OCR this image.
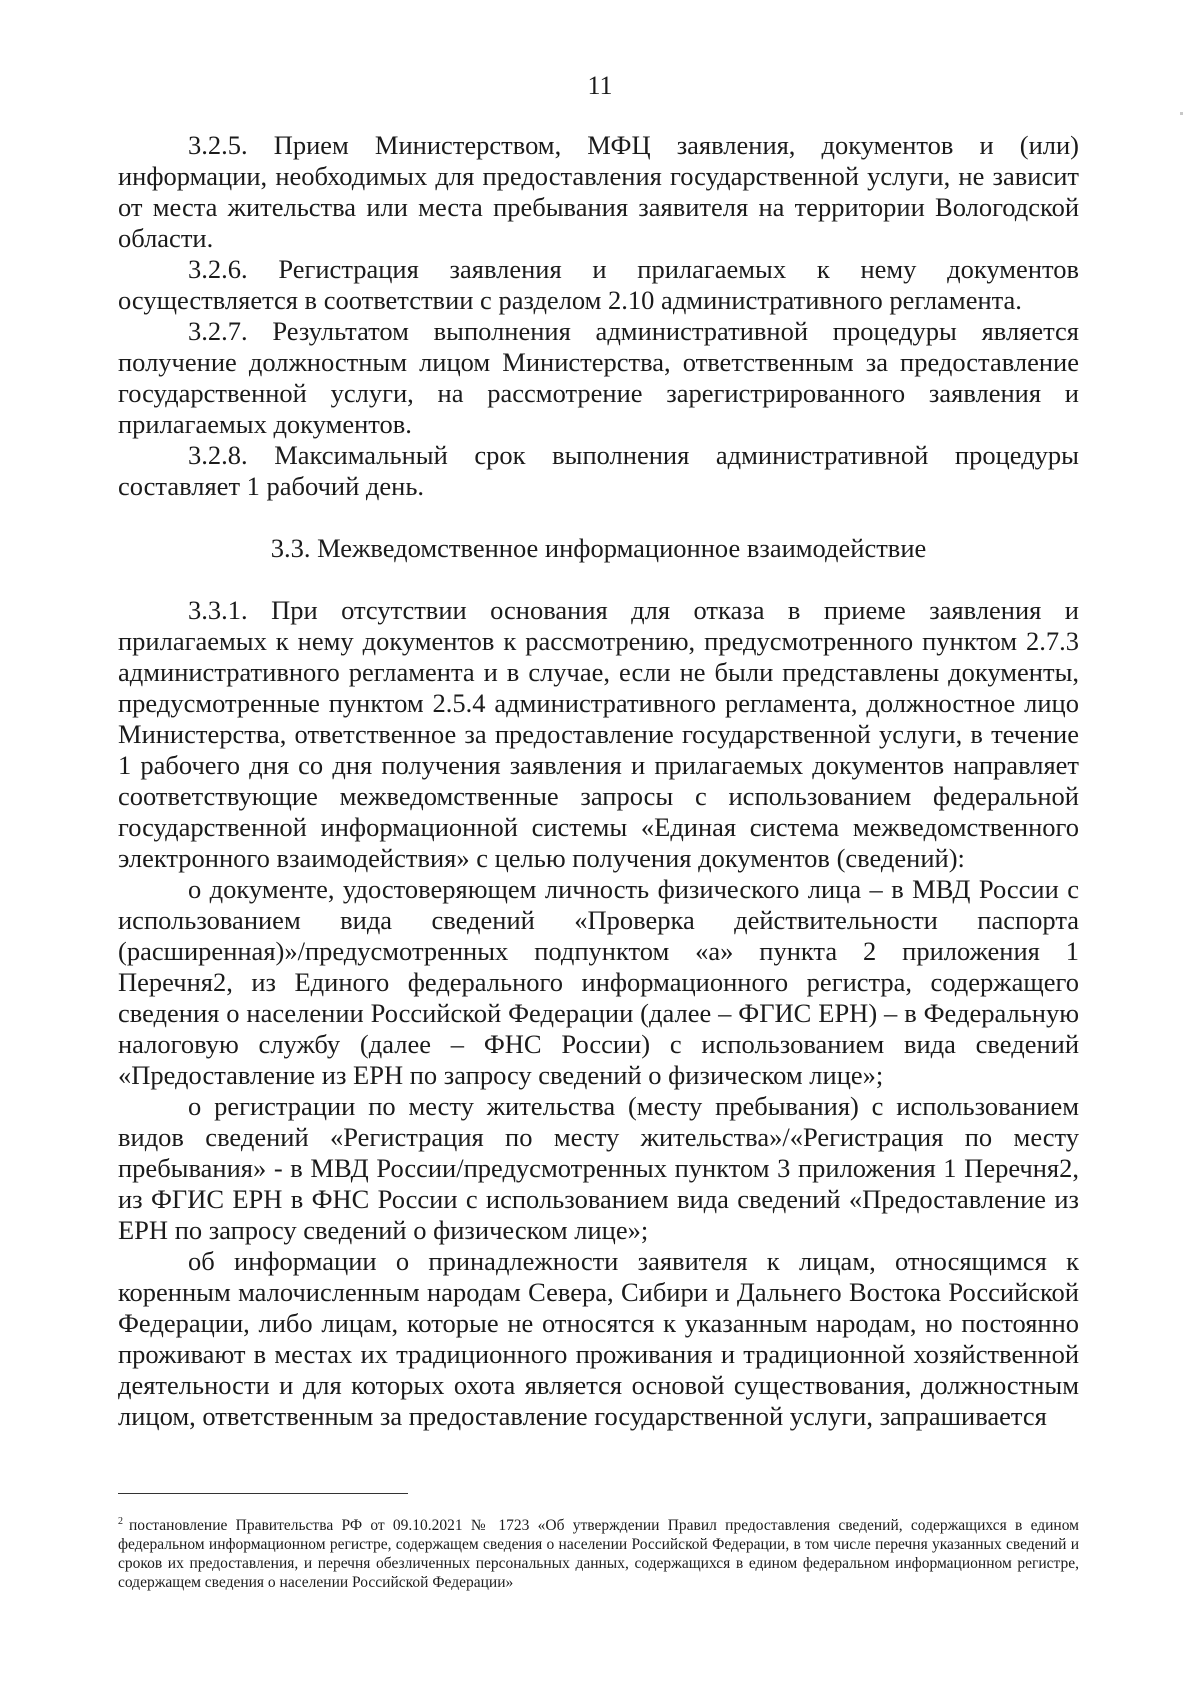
11

3.2.5. Прием Министерством, МФЦ заявления, документов и (или) информации, необходимых для предоставления государственной услуги, не зависит от места жительства или места пребывания заявителя на территории Вологодской области.

3.2.6. Регистрация заявления и прилагаемых к нему документов осуществляется в соответствии с разделом 2.10 административного регламента.

3.2.7. Результатом выполнения административной процедуры является получение должностным лицом Министерства, ответственным за предоставление государственной услуги, на рассмотрение зарегистрированного заявления и прилагаемых документов.

3.2.8. Максимальный срок выполнения административной процедуры составляет 1 рабочий день.

3.3. Межведомственное информационное взаимодействие

3.3.1. При отсутствии основания для отказа в приеме заявления и прилагаемых к нему документов к рассмотрению, предусмотренного пунктом 2.7.3 административного регламента и в случае, если не были представлены документы, предусмотренные пунктом 2.5.4 административного регламента, должностное лицо Министерства, ответственное за предоставление государственной услуги, в течение 1 рабочего дня со дня получения заявления и прилагаемых документов направляет соответствующие межведомственные запросы с использованием федеральной государственной информационной системы «Единая система межведомственного электронного взаимодействия» с целью получения документов (сведений):

о документе, удостоверяющем личность физического лица – в МВД России с использованием вида сведений «Проверка действительности паспорта (расширенная)»/предусмотренных подпунктом «а» пункта 2 приложения 1 Перечня2, из Единого федерального информационного регистра, содержащего сведения о населении Российской Федерации (далее – ФГИС ЕРН) – в Федеральную налоговую службу (далее – ФНС России) с использованием вида сведений «Предоставление из ЕРН по запросу сведений о физическом лице»;

о регистрации по месту жительства (месту пребывания) с использованием видов сведений «Регистрация по месту жительства»/«Регистрация по месту пребывания» - в МВД России/предусмотренных пунктом 3 приложения 1 Перечня2, из ФГИС ЕРН в ФНС России с использованием вида сведений «Предоставление из ЕРН по запросу сведений о физическом лице»;

об информации о принадлежности заявителя к лицам, относящимся к коренным малочисленным народам Севера, Сибири и Дальнего Востока Российской Федерации, либо лицам, которые не относятся к указанным народам, но постоянно проживают в местах их традиционного проживания и традиционной хозяйственной деятельности и для которых охота является основой существования, должностным лицом, ответственным за предоставление государственной услуги, запрашивается

$^2$ постановление Правительства РФ от 09.10.2021 № 1723 «Об утверждении Правил предоставления сведений, содержащихся в едином федеральном информационном регистре, содержащем сведения о населении Российской Федерации, в том числе перечня указанных сведений и сроков их предоставления, и перечня обезличенных персональных данных, содержащихся в едином федеральном информационном регистре, содержащем сведения о населении Российской Федерации»
